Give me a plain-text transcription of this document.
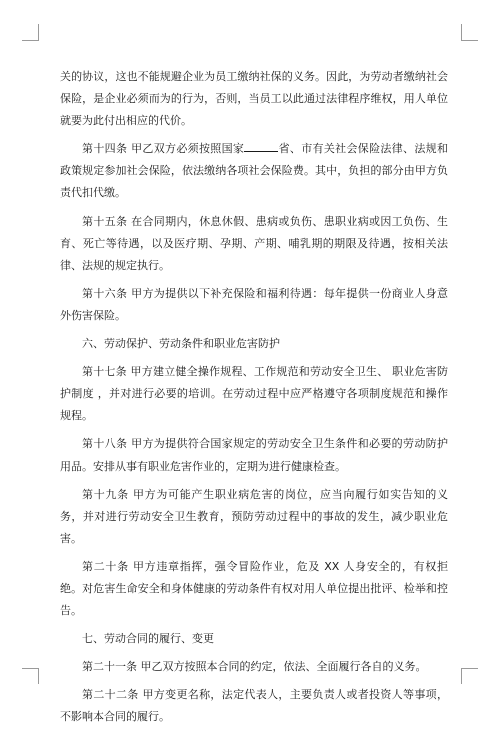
关的协议，这也不能规避企业为员工缴纳社保的义务。因此，为劳动者缴纳社会保险，是企业必须而为的行为，否则，当员工以此通过法律程序维权，用人单位就要为此付出相应的代价。

第十四条 甲乙双方必须按照国家	省、市有关社会保险法律、法规和政策规定参加社会保险，依法缴纳各项社会保险费。其中，负担的部分由甲方负责代扣代缴。

第十五条 在合同期内，休息休假、患病或负伤、患职业病或因工负伤、生育、死亡等待遇，以及医疗期、孕期、产期、哺乳期的期限及待遇，按相关法律、法规的规定执行。

第十六条 甲方为提供以下补充保险和福利待遇：每年提供一份商业人身意外伤害保险。

六、劳动保护、劳动条件和职业危害防护

第十七条 甲方建立健全操作规程、工作规范和劳动安全卫生、 职业危害防护制度 ，并对进行必要的培训。在劳动过程中应严格遵守各项制度规范和操作规程。

第十八条 甲方为提供符合国家规定的劳动安全卫生条件和必要的劳动防护用品。安排从事有职业危害作业的，定期为进行健康检查。

第十九条 甲方为可能产生职业病危害的岗位，应当向履行如实告知的义务，并对进行劳动安全卫生教育，预防劳动过程中的事故的发生，减少职业危害。

第二十条 甲方违章指挥，强令冒险作业，危及 XX 人身安全的，有权拒绝。对危害生命安全和身体健康的劳动条件有权对用人单位提出批评、检举和控告。

七、劳动合同的履行、变更

第二十一条 甲乙双方按照本合同的约定，依法、全面履行各自的义务。

第二十二条 甲方变更名称，法定代表人，主要负责人或者投资人等事项，不影响本合同的履行。
